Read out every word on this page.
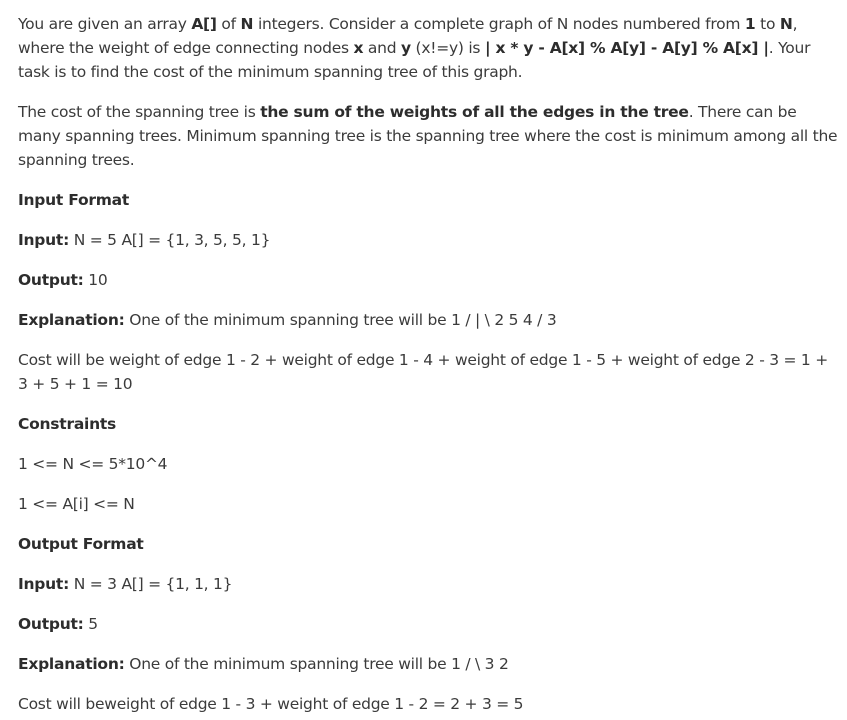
You are given an array A[] of N integers. Consider a complete graph of N nodes numbered from 1 to N, where the weight of edge connecting nodes x and y (x!=y) is | x * y - A[x] % A[y] - A[y] % A[x] |. Your task is to find the cost of the minimum spanning tree of this graph.
The cost of the spanning tree is the sum of the weights of all the edges in the tree. There can be many spanning trees. Minimum spanning tree is the spanning tree where the cost is minimum among all the spanning trees.
Input Format
Input: N = 5 A[] = {1, 3, 5, 5, 1}
Output: 10
Explanation: One of the minimum spanning tree will be 1 / | \ 2 5 4 / 3
Cost will be weight of edge 1 - 2 + weight of edge 1 - 4 + weight of edge 1 - 5 + weight of edge 2 - 3 = 1 + 3 + 5 + 1 = 10
Constraints
1 <= N <= 5*10^4
1 <= A[i] <= N
Output Format
Input: N = 3 A[] = {1, 1, 1}
Output: 5
Explanation: One of the minimum spanning tree will be 1 / \ 3 2
Cost will beweight of edge 1 - 3 + weight of edge 1 - 2 = 2 + 3 = 5
